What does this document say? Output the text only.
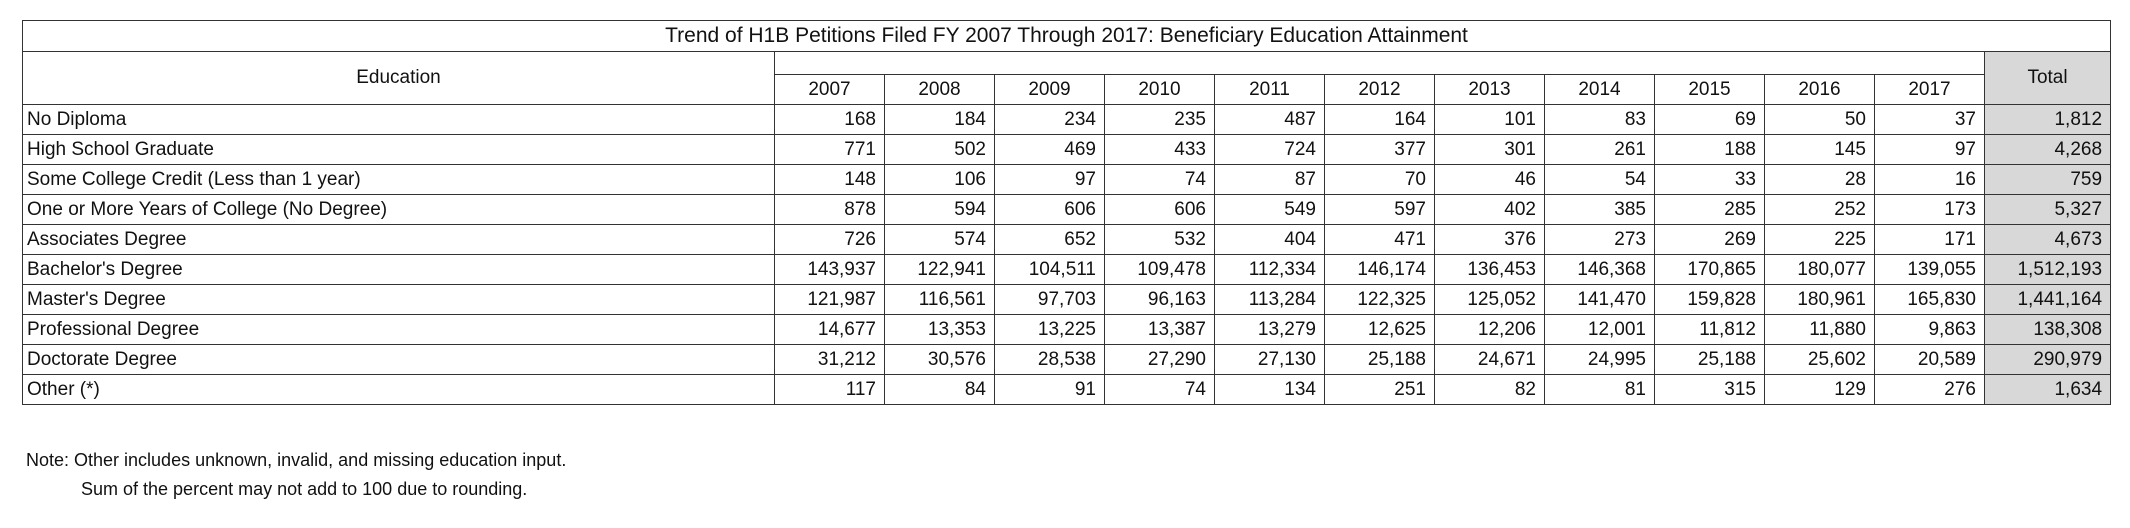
Trend of H1B Petitions Filed FY 2007 Through 2017: Beneficiary Education Attainment												
Education												Total
	2007	2008	2009	2010	2011	2012	2013	2014	2015	2016	2017	
No Diploma	168	184	234	235	487	164	101	83	69	50	37	1,812
High School Graduate	771	502	469	433	724	377	301	261	188	145	97	4,268
Some College Credit (Less than 1 year)	148	106	97	74	87	70	46	54	33	28	16	759
One or More Years of College (No Degree)	878	594	606	606	549	597	402	385	285	252	173	5,327
Associates Degree	726	574	652	532	404	471	376	273	269	225	171	4,673
Bachelor's Degree	143,937	122,941	104,511	109,478	112,334	146,174	136,453	146,368	170,865	180,077	139,055	1,512,193
Master's Degree	121,987	116,561	97,703	96,163	113,284	122,325	125,052	141,470	159,828	180,961	165,830	1,441,164
Professional Degree	14,677	13,353	13,225	13,387	13,279	12,625	12,206	12,001	11,812	11,880	9,863	138,308
Doctorate Degree	31,212	30,576	28,538	27,290	27,130	25,188	24,671	24,995	25,188	25,602	20,589	290,979
Other (*)	117	84	91	74	134	251	82	81	315	129	276	1,634
Note: Other includes unknown, invalid, and missing education input.
Sum of the percent may not add to 100 due to rounding.
